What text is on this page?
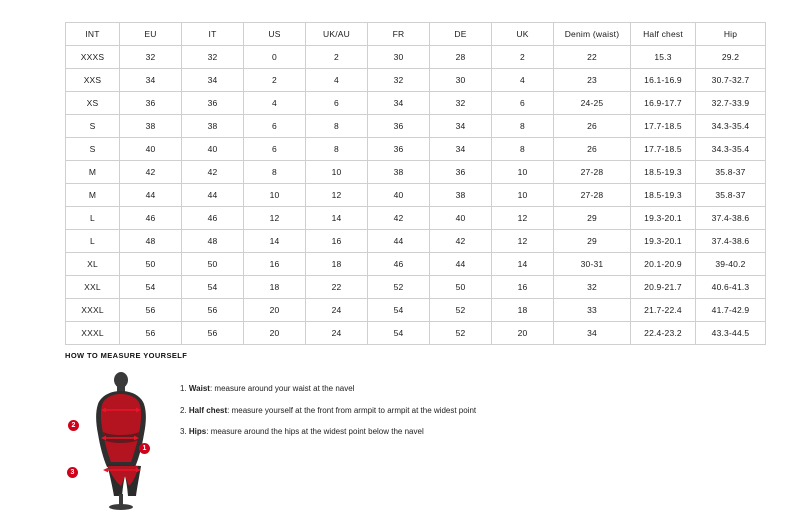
INT	EU	IT	US	UK/AU	FR	DE	UK	Denim (waist)	Half chest	Hip
XXXS	32	32	0	2	30	28	2	22	15.3	29.2
XXS	34	34	2	4	32	30	4	23	16.1-16.9	30.7-32.7
XS	36	36	4	6	34	32	6	24-25	16.9-17.7	32.7-33.9
S	38	38	6	8	36	34	8	26	17.7-18.5	34.3-35.4
S	40	40	6	8	36	34	8	26	17.7-18.5	34.3-35.4
M	42	42	8	10	38	36	10	27-28	18.5-19.3	35.8-37
M	44	44	10	12	40	38	10	27-28	18.5-19.3	35.8-37
L	46	46	12	14	42	40	12	29	19.3-20.1	37.4-38.6
L	48	48	14	16	44	42	12	29	19.3-20.1	37.4-38.6
XL	50	50	16	18	46	44	14	30-31	20.1-20.9	39-40.2
XXL	54	54	18	22	52	50	16	32	20.9-21.7	40.6-41.3
XXXL	56	56	20	24	54	52	18	33	21.7-22.4	41.7-42.9
XXXL	56	56	20	24	54	52	20	34	22.4-23.2	43.3-44.5
HOW TO MEASURE YOURSELF
1
2
3
1. Waist: measure around your waist at the navel
2. Half chest: measure yourself at the front from armpit to armpit at the widest point
3. Hips: measure around the hips at the widest point below the navel
